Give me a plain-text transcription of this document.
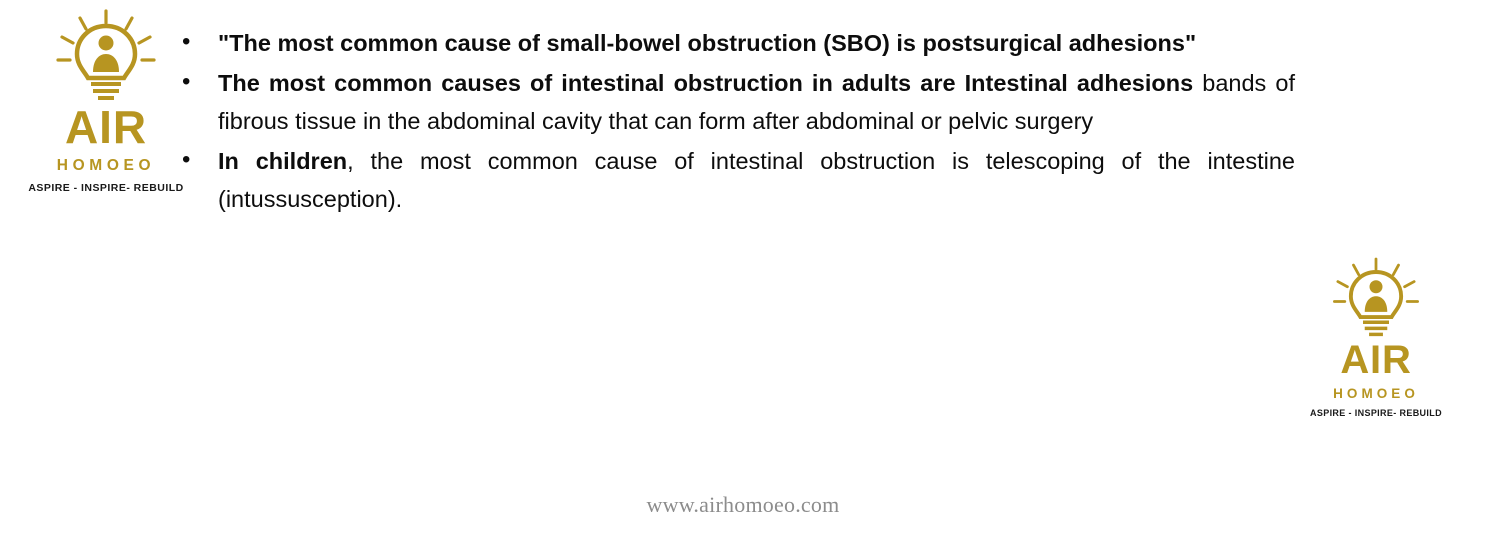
AIR
HOMOEO
ASPIRE - INSPIRE- REBUILD
AIR
HOMOEO
ASPIRE - INSPIRE- REBUILD
• "The most common cause of small-bowel obstruction (SBO) is postsurgical adhesions"
• The most common causes of intestinal obstruction in adults are Intestinal adhesions bands of fibrous tissue in the abdominal cavity that can form after abdominal or pelvic surgery
• In children, the most common cause of intestinal obstruction is telescoping of the intestine (intussusception).
www.airhomoeo.com
